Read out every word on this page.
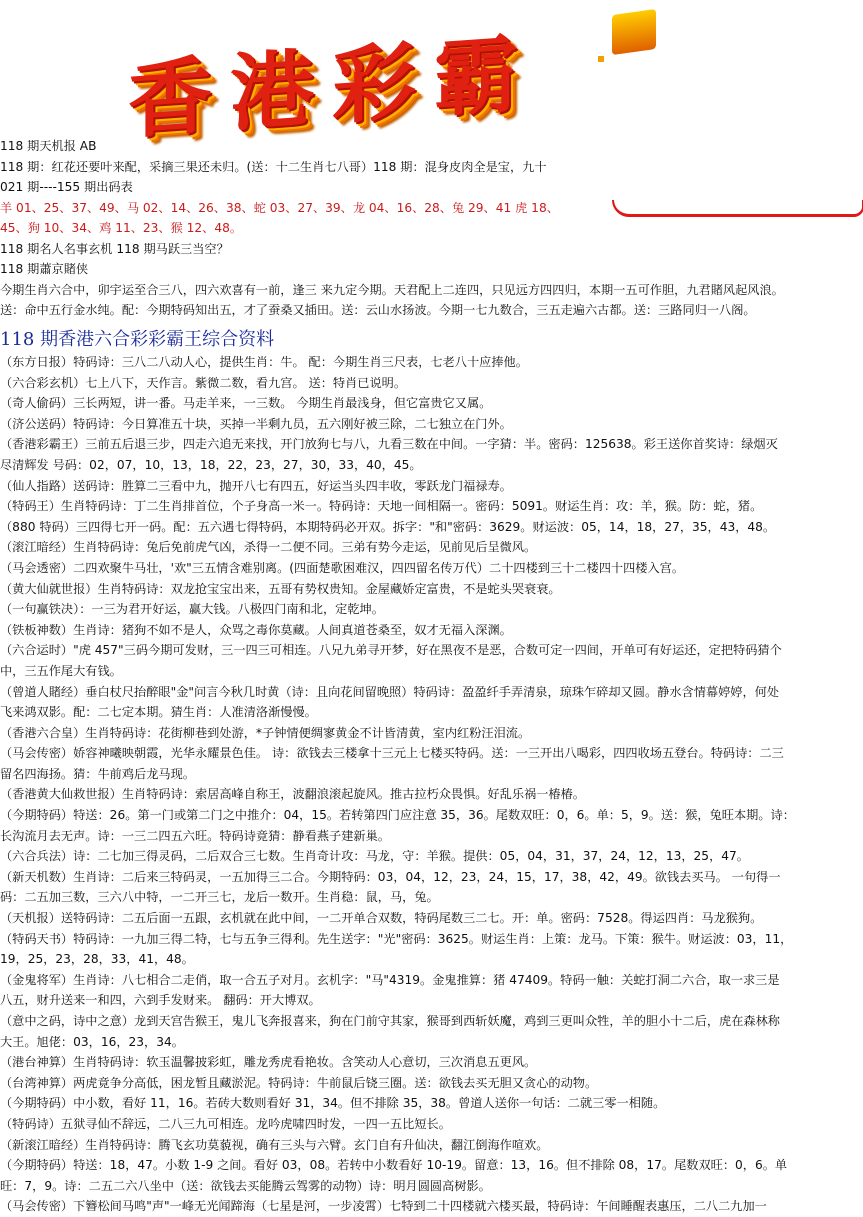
香港彩霸
118 期天机报 AB
118 期：红花还要叶来配，采摘三果还未归。(送：十二生肖七八哥）118 期：混身皮肉全是宝，九十
021 期----155 期出码表
羊 01、25、37、49、马 02、14、26、38、蛇 03、27、39、龙 04、16、28、兔 29、41 虎 18、
45、狗 10、34、鸡 11、23、猴 12、48。
118 期名人名事玄机 118 期马跃三当空？
118 期蕭京賭侠
今期生肖六合中，卯宇运至合三八，四六欢喜有一前，逢三 来九定今期。天君配上二连四，只见远方四四归，本期一五可作胆，九君賭风起风浪。
送：命中五行金水纯。配：今期特码知出五，才了蚕桑又插田。送：云山水扬波。今期一七九数合，三五走遍六古都。送：三路同归一八阁。
118 期香港六合彩彩霸王综合资料
（东方日报）特码诗：三八二八动人心，提供生肖：牛。 配：今期生肖三尺表，七老八十应捧他。
（六合彩玄机）七上八下，天作言。紫微二数，看九宫。 送：特肖已说明。
（奇人偷码）三长两短，讲一番。马走羊来，一三数。 今期生肖最浅身，但它富贵它又属。
（济公送码）特码诗：今日算准五十块，买掉一半剩九员，五六刚好被三除，二七独立在门外。
（香港彩霸王）三前五后退三步，四走六追无来找，开门放狗七与八，九看三数在中间。一字猜：半。密码：125638。彩王送你首奖诗：绿烟灭
尽清辉发 号码：02，07，10，13，18，22，23，27，30，33，40，45。
（仙人指路）送码诗：胜算二三看中九，抛开八七有四五，好运当头四丰收，零跃龙门福禄寿。
（特码王）生肖特码诗：丁二生肖排首位，个子身高一米一。特码诗：天地一间相隔一。密码：5091。财运生肖：攻：羊，猴。防：蛇，猪。
（880 特码）三四得七开一码。配：五六遇七得特码，本期特码必开双。拆字："和"密码：3629。财运波：05，14，18，27，35，43，48。
（滚江暗经）生肖特码诗：兔后免前虎气凶，杀得一二便不同。三弟有势今走运，见前见后呈微风。
（马会透密）二四欢聚牛马壮，'欢"三五情含难别离。(四面楚歌困难汉，四四留名传万代）二十四楼到三十二楼四十四楼入宫。
（黄大仙就世报）生肖特码诗：双龙抢宝宝出来，五哥有势权贵知。金屋藏娇定富贵，不是蛇头哭衰衰。
（一句赢铁决）：一三为君开好运，赢大钱。八极四门南和北，定乾坤。
（铁板神数）生肖诗：猪狗不如不是人，众骂之毒你莫藏。人间真道苍桑至，奴才无福入深渊。
（六合运时）"虎 457"三码今期可发财，三一四三可相连。八兄九弟寻开梦，好在黑夜不是恶，合数可定一四间，开单可有好运还，定把特码猜个
中，三五作尾大有钱。
（曾道人賭经）垂白杖尺抬醉眼"金"问言今秋几时黄（诗：且向花间留晚照）特码诗：盈盈纤手弄清泉，琼珠乍碎却又圆。静水含情幕婷婷，何处
飞来鸿双影。配：二七定本期。猜生肖：人准清洛渐慢慢。
（香港六合皇）生肖特码诗：花街柳巷到处游，*子钟情便绸寥黄金不计皆清黄，室内红粉汪泪流。
（马会传密）娇容神曦映朝霞，光华永耀景色佳。 诗：欲钱去三楼拿十三元上七楼买特码。送：一三开出八喝彩，四四收场五登台。特码诗：二三
留名四海扬。猜：牛前鸡后龙马现。
（香港黄大仙救世报）生肖特码诗：索居高峰自称王，波翻浪滚起旋风。推古拉朽众畏惧。好乱乐祸一椿椿。
（今期特码）特送：26。第一门或第二门之中推介：04，15。若转第四门应注意 35，36。尾数双旺：0，6。单：5，9。送：猴，兔旺本期。诗：
长沟流月去无声。诗：一三二四五六旺。特码诗竟猜：静看燕子建新巢。
（六合兵法）诗：二七加三得灵码，二后双合三七数。生肖奇计攻：马龙，守：羊猴。提供：05，04，31，37，24，12，13，25，47。
（新天机数）生肖诗：二后来三特码灵，一五加得三二合。今期特码：03，04，12，23，24，15，17，38，42，49。欲钱去买马。 一句得一
码：二五加三数，三六八中特，一二开三七，龙后一数开。生肖稳：鼠，马，兔。
（天机报）送特码诗：二五后面一五跟，玄机就在此中间，一二开单合双数，特码尾数三二七。开：单。密码：7528。得运四肖：马龙猴狗。
（特码天书）特码诗：一九加三得二特，七与五争三得利。先生送字："光"密码：3625。财运生肖：上策：龙马。下策：猴牛。财运波：03，11，
19，25，23，28，33，41，48。
（金鬼将军）生肖诗：八七相合二走俏，取一合五子对月。玄机字："马"4319。金鬼推算：猪 47409。特码一触：关蛇打洞二六合，取一求三是
八五，财升送来一和四，六到手发财来。 翻码：开大博双。
（意中之码，诗中之意）龙到天宫告猴王，鬼儿飞奔报喜来，狗在门前守其家，猴哥到西斩妖魔，鸡到三更叫众牲，羊的胆小十二后，虎在森林称
大王。旭佬：03，16，23，34。
（港台神算）生肖特码诗：软玉温馨披彩虹，雕龙秀虎看艳妆。含笑动人心意切，三次消息五更风。
（台湾神算）两虎竟争分高低，困龙暂且藏淤泥。特码诗：牛前鼠后铙三圈。送：欲钱去买无胆又贪心的动物。
（今期特码）中小数，看好 11，16。若砖大数则看好 31，34。但不排除 35，38。曾道人送你一句话：二就三零一相随。
（特码诗）五狱寻仙不辞远，二八三九可相连。龙吟虎啸四时发，一四一五比短长。
（新滚江暗经）生肖特码诗：腾飞玄功莫藐视，确有三头与六臂。玄门自有升仙决，翻江倒海作喧欢。
（今期特码）特送：18，47。小数 1-9 之间。看好 03，08。若转中小数看好 10-19。留意：13，16。但不排除 08，17。尾数双旺：0，6。单
旺：7，9。诗：二五二六八坐中（送：欲钱去买能腾云驾雾的动物）诗：明月圆圆高树影。
（马会传密）下簪松间马鸣"声"一峰无光闻蹄海（七星是河，一步凌霄）七特到二十四楼就六楼买最，特码诗：午间睡醒表惠压，二八二九加一
